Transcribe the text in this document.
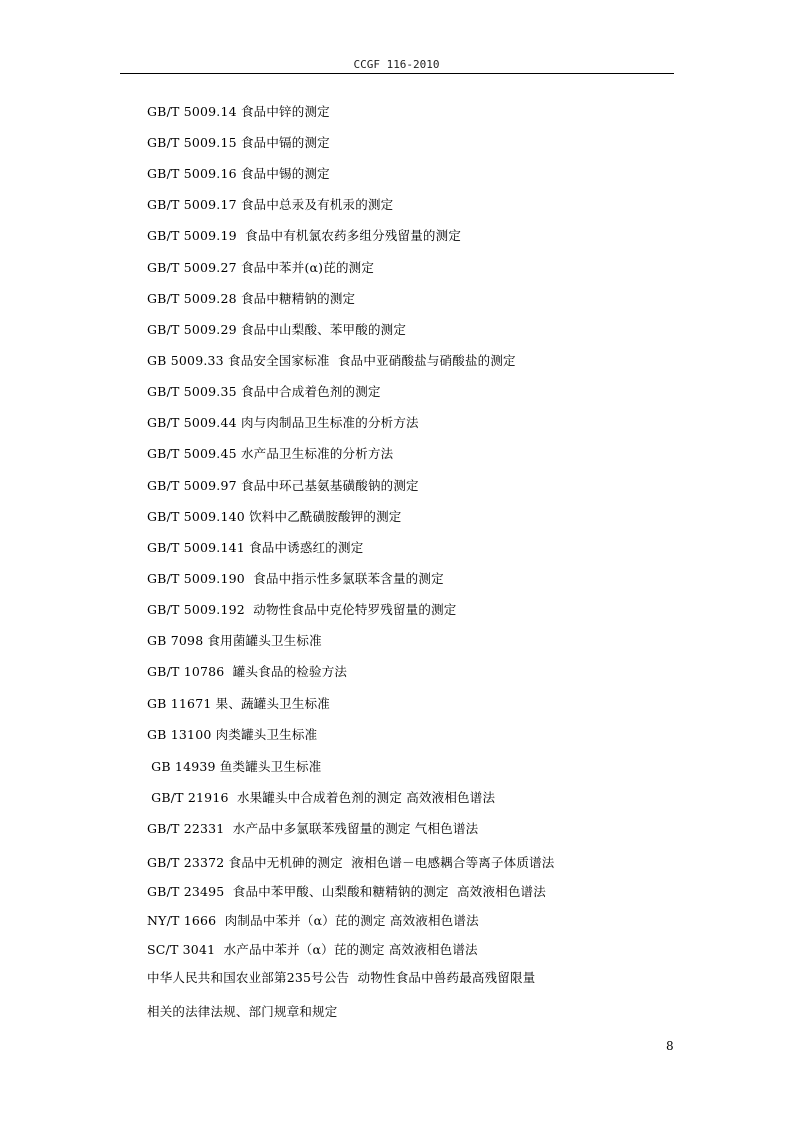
CCGF 116-2010
GB/T 5009.14 食品中锌的测定
GB/T 5009.15 食品中镉的测定
GB/T 5009.16 食品中锡的测定
GB/T 5009.17 食品中总汞及有机汞的测定
GB/T 5009.19  食品中有机氯农药多组分残留量的测定
GB/T 5009.27 食品中苯并(α)芘的测定
GB/T 5009.28 食品中糖精钠的测定
GB/T 5009.29 食品中山梨酸、苯甲酸的测定
GB 5009.33 食品安全国家标准  食品中亚硝酸盐与硝酸盐的测定
GB/T 5009.35 食品中合成着色剂的测定
GB/T 5009.44 肉与肉制品卫生标准的分析方法
GB/T 5009.45 水产品卫生标准的分析方法
GB/T 5009.97 食品中环己基氨基磺酸钠的测定
GB/T 5009.140 饮料中乙酰磺胺酸钾的测定
GB/T 5009.141 食品中诱惑红的测定
GB/T 5009.190  食品中指示性多氯联苯含量的测定
GB/T 5009.192  动物性食品中克伦特罗残留量的测定
GB 7098 食用菌罐头卫生标准
GB/T 10786  罐头食品的检验方法
GB 11671 果、蔬罐头卫生标准
GB 13100 肉类罐头卫生标准
GB 14939 鱼类罐头卫生标准
GB/T 21916  水果罐头中合成着色剂的测定 高效液相色谱法
GB/T 22331  水产品中多氯联苯残留量的测定 气相色谱法
GB/T 23372 食品中无机砷的测定  液相色谱－电感耦合等离子体质谱法
GB/T 23495  食品中苯甲酸、山梨酸和糖精钠的测定  高效液相色谱法
NY/T 1666  肉制品中苯并（α）芘的测定 高效液相色谱法
SC/T 3041  水产品中苯并（α）芘的测定 高效液相色谱法
中华人民共和国农业部第235号公告  动物性食品中兽药最高残留限量
相关的法律法规、部门规章和规定
8
